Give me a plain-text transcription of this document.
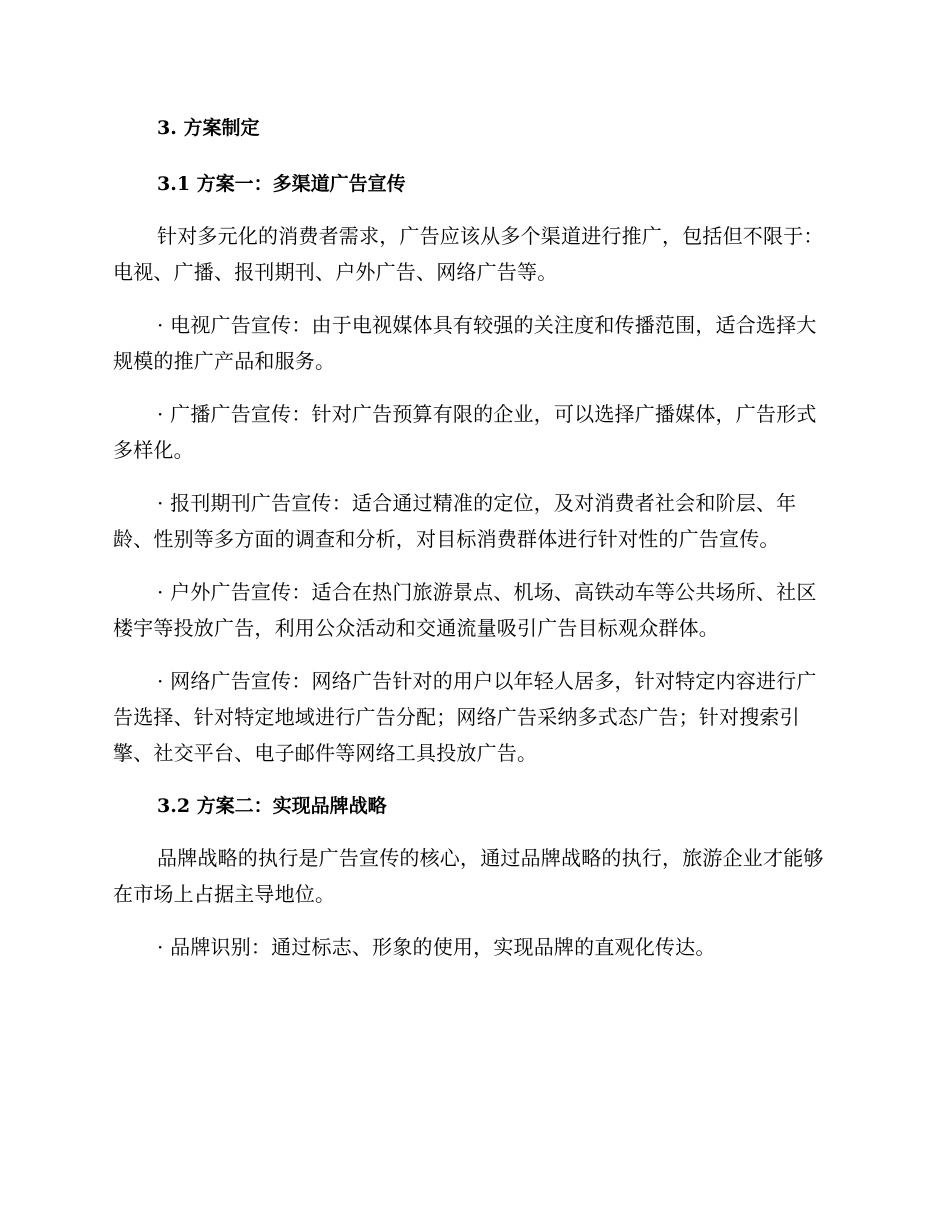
3. 方案制定
3.1 方案一：多渠道广告宣传

针对多元化的消费者需求，广告应该从多个渠道进行推广，包括但不限于：电视、广播、报刊期刊、户外广告、网络广告等。

· 电视广告宣传：由于电视媒体具有较强的关注度和传播范围，适合选择大规模的推广产品和服务。

· 广播广告宣传：针对广告预算有限的企业，可以选择广播媒体，广告形式多样化。

· 报刊期刊广告宣传：适合通过精准的定位，及对消费者社会和阶层、年龄、性别等多方面的调查和分析，对目标消费群体进行针对性的广告宣传。

· 户外广告宣传：适合在热门旅游景点、机场、高铁动车等公共场所、社区楼宇等投放广告，利用公众活动和交通流量吸引广告目标观众群体。

· 网络广告宣传：网络广告针对的用户以年轻人居多，针对特定内容进行广告选择、针对特定地域进行广告分配；网络广告采纳多式态广告；针对搜索引擎、社交平台、电子邮件等网络工具投放广告。

3.2 方案二：实现品牌战略

品牌战略的执行是广告宣传的核心，通过品牌战略的执行，旅游企业才能够在市场上占据主导地位。

· 品牌识别：通过标志、形象的使用，实现品牌的直观化传达。
